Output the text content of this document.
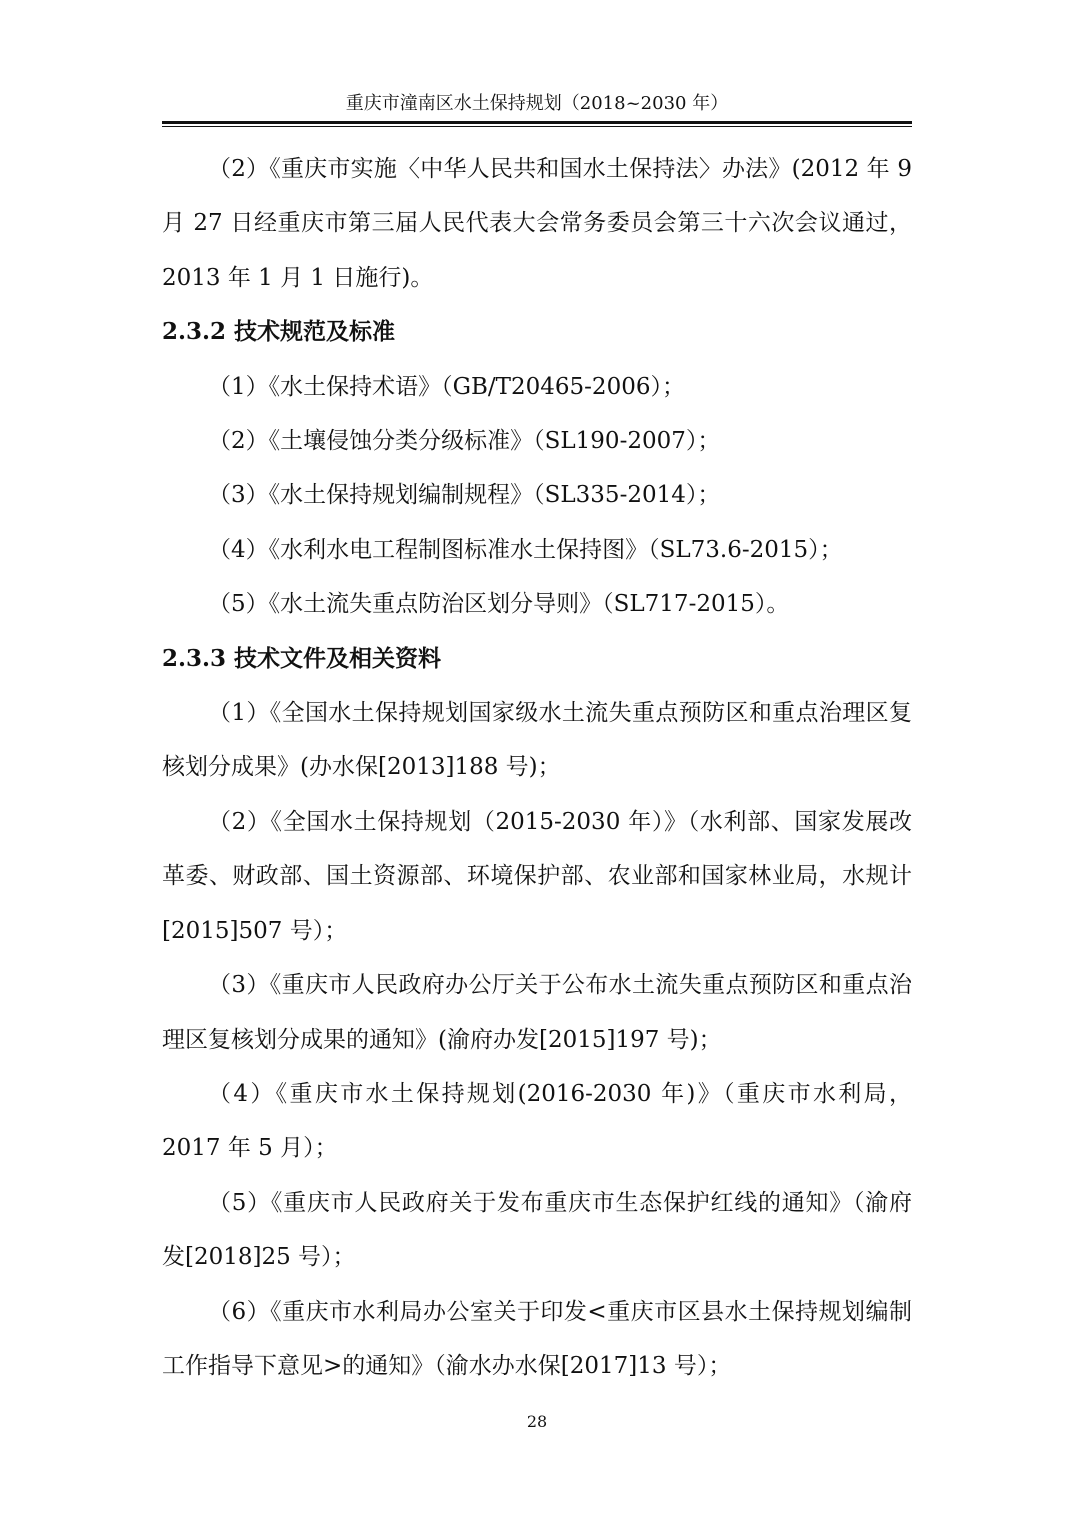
重庆市潼南区水土保持规划（2018~2030 年）

（2）《重庆市实施〈中华人民共和国水土保持法〉办法》(2012 年 9 月 27 日经重庆市第三届人民代表大会常务委员会第三十六次会议通过，2013 年 1 月 1 日施行)。

2.3.2 技术规范及标准

（1）《水土保持术语》（GB/T20465-2006）；

（2）《土壤侵蚀分类分级标准》（SL190-2007）；

（3）《水土保持规划编制规程》（SL335-2014）；

（4）《水利水电工程制图标准水土保持图》（SL73.6-2015）；

（5）《水土流失重点防治区划分导则》（SL717-2015）。

2.3.3 技术文件及相关资料

（1）《全国水土保持规划国家级水土流失重点预防区和重点治理区复核划分成果》(办水保[2013]188 号)；

（2）《全国水土保持规划（2015-2030 年）》（水利部、国家发展改革委、财政部、国土资源部、环境保护部、农业部和国家林业局，水规计[2015]507 号）；

（3）《重庆市人民政府办公厅关于公布水土流失重点预防区和重点治理区复核划分成果的通知》(渝府办发[2015]197 号)；

（4）《重庆市水土保持规划(2016-2030 年)》（重庆市水利局，2017 年 5 月）；

（5）《重庆市人民政府关于发布重庆市生态保护红线的通知》（渝府发[2018]25 号）；

（6）《重庆市水利局办公室关于印发<重庆市区县水土保持规划编制工作指导下意见>的通知》（渝水办水保[2017]13 号）；

28
